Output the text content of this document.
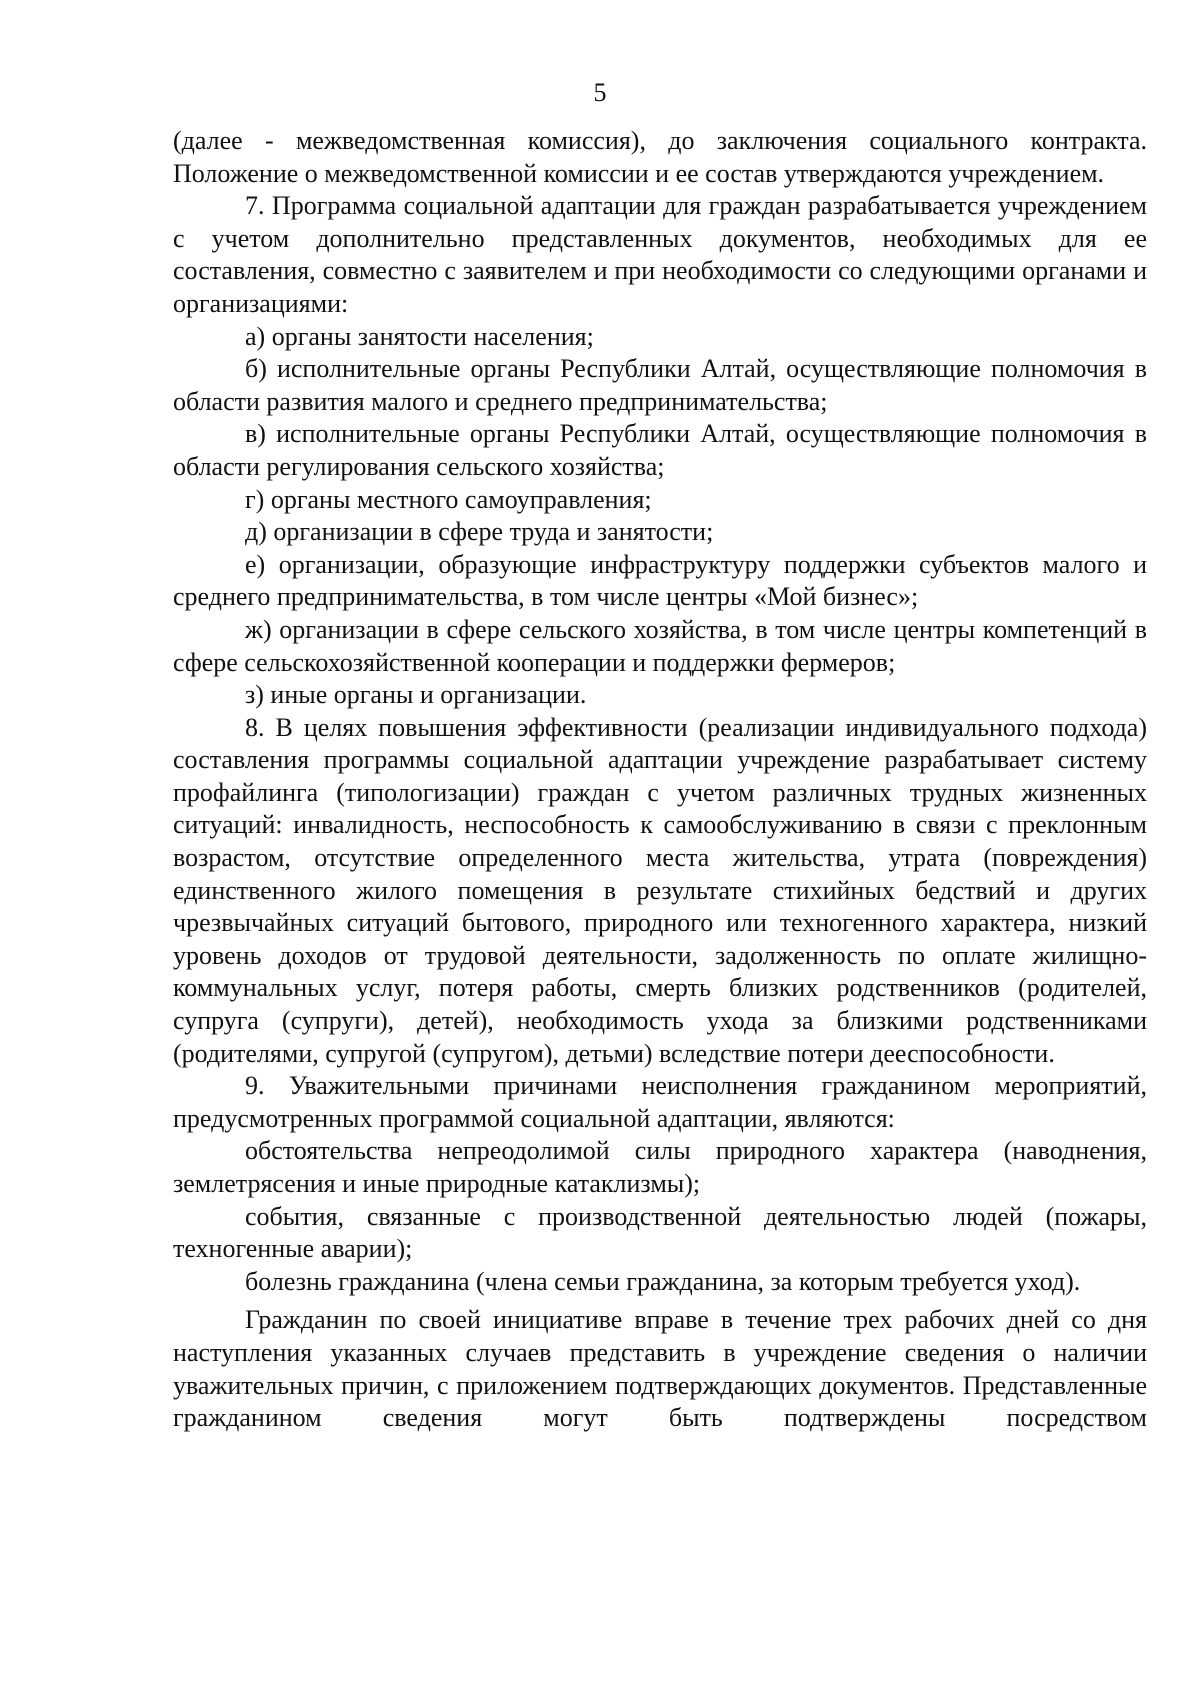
5

(далее - межведомственная комиссия), до заключения социального контракта. Положение о межведомственной комиссии и ее состав утверждаются учреждением.

7. Программа социальной адаптации для граждан разрабатывается учреждением с учетом дополнительно представленных документов, необходимых для ее составления, совместно с заявителем и при необходимости со следующими органами и организациями:

а) органы занятости населения;

б) исполнительные органы Республики Алтай, осуществляющие полномочия в области развития малого и среднего предпринимательства;

в) исполнительные органы Республики Алтай, осуществляющие полномочия в области регулирования сельского хозяйства;

г) органы местного самоуправления;

д) организации в сфере труда и занятости;

е) организации, образующие инфраструктуру поддержки субъектов малого и среднего предпринимательства, в том числе центры «Мой бизнес»;

ж) организации в сфере сельского хозяйства, в том числе центры компетенций в сфере сельскохозяйственной кооперации и поддержки фермеров;

з) иные органы и организации.

8. В целях повышения эффективности (реализации индивидуального подхода) составления программы социальной адаптации учреждение разрабатывает систему профайлинга (типологизации) граждан с учетом различных трудных жизненных ситуаций: инвалидность, неспособность к самообслуживанию в связи с преклонным возрастом, отсутствие определенного места жительства, утрата (повреждения) единственного жилого помещения в результате стихийных бедствий и других чрезвычайных ситуаций бытового, природного или техногенного характера, низкий уровень доходов от трудовой деятельности, задолженность по оплате жилищно-коммунальных услуг, потеря работы, смерть близких родственников (родителей, супруга (супруги), детей), необходимость ухода за близкими родственниками (родителями, супругой (супругом), детьми) вследствие потери дееспособности.

9. Уважительными причинами неисполнения гражданином мероприятий, предусмотренных программой социальной адаптации, являются:

обстоятельства непреодолимой силы природного характера (наводнения, землетрясения и иные природные катаклизмы);

события, связанные с производственной деятельностью людей (пожары, техногенные аварии);

болезнь гражданина (члена семьи гражданина, за которым требуется уход).

Гражданин по своей инициативе вправе в течение трех рабочих дней со дня наступления указанных случаев представить в учреждение сведения о наличии уважительных причин, с приложением подтверждающих документов. Представленные гражданином сведения могут быть подтверждены посредством
